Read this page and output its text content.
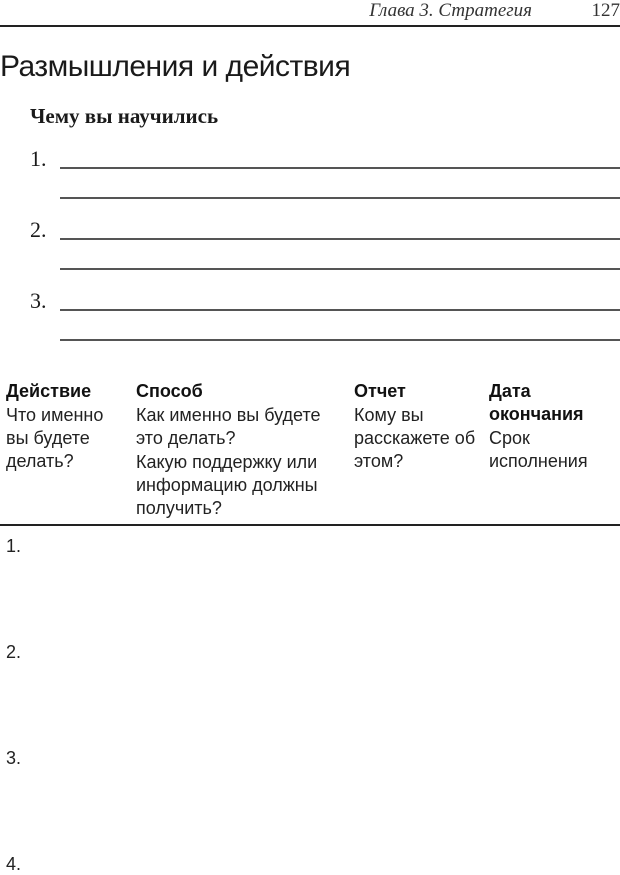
Глава 3. Стратегия	127
Размышления и действия
Чему вы научились
1.
2.
3.

Действие

Что именно вы будете делать?

Способ

Как именно вы будете это делать?

Какую поддержку или информацию должны получить?

Отчет

Кому вы расскажете об этом?

Дата окончания

Срок исполнения

1.
2.
3.
4.
